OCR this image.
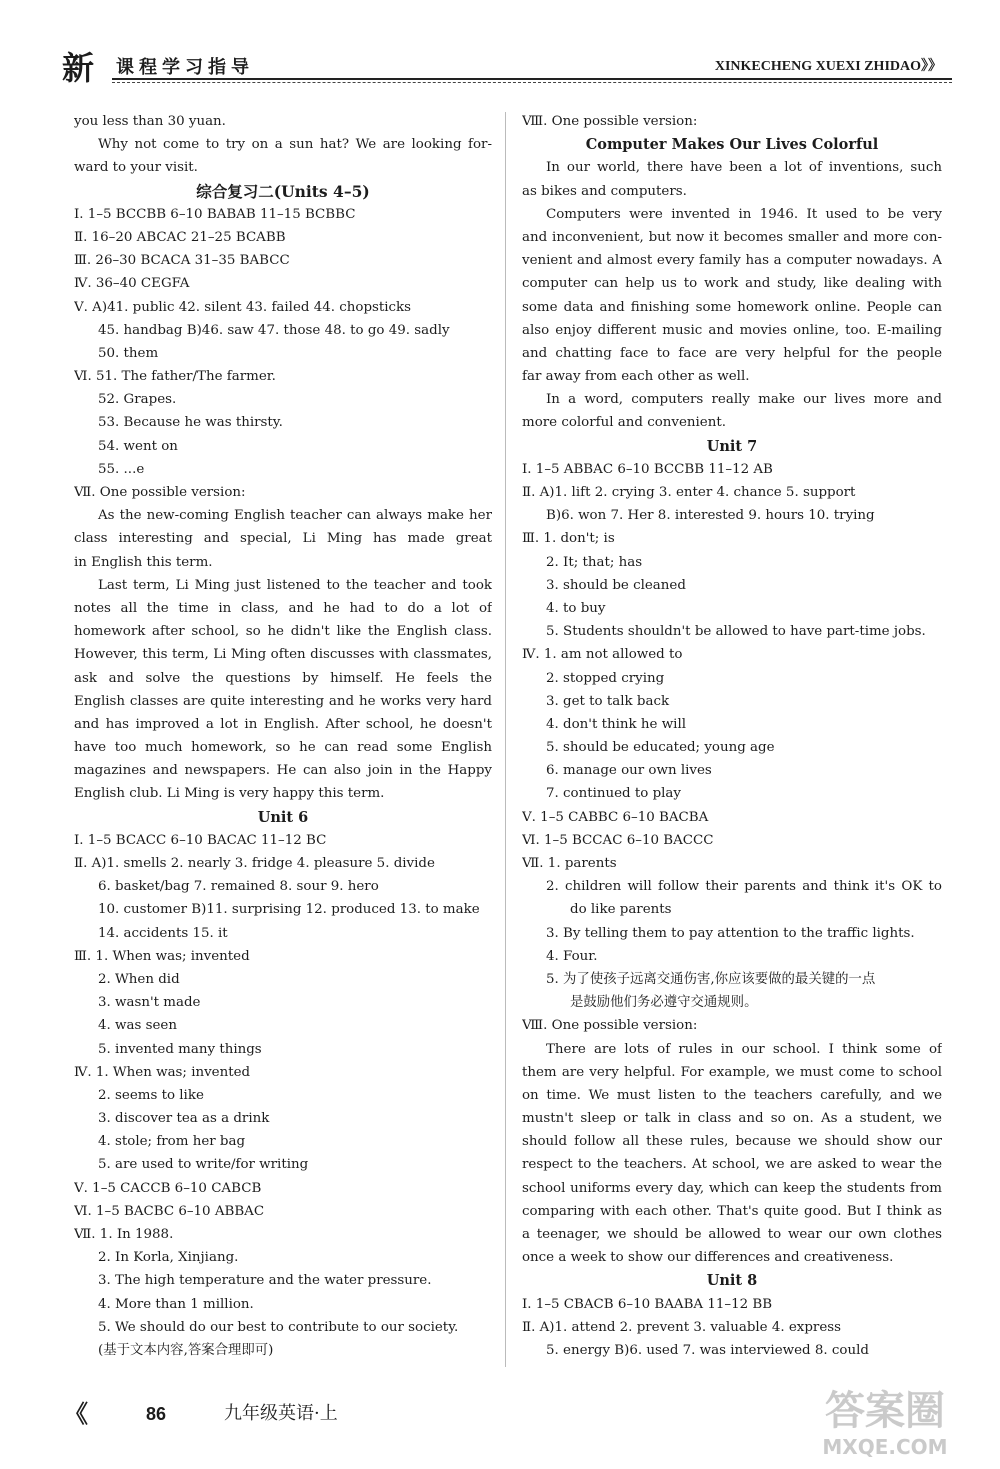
新 课程学习指导	XINKECHENG XUEXI ZHIDAO》》
you less than 30 yuan.
Why not come to try on a sun hat? We are looking for-
ward to your visit.
综合复习二(Units 4–5)
Ⅰ. 1–5 BCCBB 6–10 BABAB 11–15 BCBBC
Ⅱ. 16–20 ABCAC 21–25 BCABB
Ⅲ. 26–30 BCACA 31–35 BABCC
Ⅳ. 36–40 CEGFA
Ⅴ. A)41. public 42. silent 43. failed 44. chopsticks
45. handbag B)46. saw 47. those 48. to go 49. sadly
50. them
Ⅵ. 51. The father/The farmer.
52. Grapes.
53. Because he was thirsty.
54. went on
55. ...e
Ⅶ. One possible version:
As the new-coming English teacher can always make her
class interesting and special, Li Ming has made great
in English this term.
Last term, Li Ming just listened to the teacher and took
notes all the time in class, and he had to do a lot of
homework after school, so he didn't like the English class.
However, this term, Li Ming often discusses with classmates,
ask and solve the questions by himself. He feels the
English classes are quite interesting and he works very hard
and has improved a lot in English. After school, he doesn't
have too much homework, so he can read some English
magazines and newspapers. He can also join in the Happy
English club. Li Ming is very happy this term.
Unit 6
Ⅰ. 1–5 BCACC 6–10 BACAC 11–12 BC
Ⅱ. A)1. smells 2. nearly 3. fridge 4. pleasure 5. divide
6. basket/bag 7. remained 8. sour 9. hero
10. customer B)11. surprising 12. produced 13. to make
14. accidents 15. it
Ⅲ. 1. When was; invented
2. When did
3. wasn't made
4. was seen
5. invented many things
Ⅳ. 1. When was; invented
2. seems to like
3. discover tea as a drink
4. stole; from her bag
5. are used to write/for writing
Ⅴ. 1–5 CACCB 6–10 CABCB
Ⅵ. 1–5 BACBC 6–10 ABBAC
Ⅶ. 1. In 1988.
2. In Korla, Xinjiang.
3. The high temperature and the water pressure.
4. More than 1 million.
5. We should do our best to contribute to our society.
(基于文本内容,答案合理即可)
Ⅷ. One possible version:
Computer Makes Our Lives Colorful
In our world, there have been a lot of inventions, such
as bikes and computers.
Computers were invented in 1946. It used to be very
and inconvenient, but now it becomes smaller and more con-
venient and almost every family has a computer nowadays. A
computer can help us to work and study, like dealing with
some data and finishing some homework online. People can
also enjoy different music and movies online, too. E-mailing
and chatting face to face are very helpful for the people
far away from each other as well.
In a word, computers really make our lives more and
more colorful and convenient.
Unit 7
Ⅰ. 1–5 ABBAC 6–10 BCCBB 11–12 AB
Ⅱ. A)1. lift 2. crying 3. enter 4. chance 5. support
B)6. won 7. Her 8. interested 9. hours 10. trying
Ⅲ. 1. don't; is
2. It; that; has
3. should be cleaned
4. to buy
5. Students shouldn't be allowed to have part-time jobs.
Ⅳ. 1. am not allowed to
2. stopped crying
3. get to talk back
4. don't think he will
5. should be educated; young age
6. manage our own lives
7. continued to play
Ⅴ. 1–5 CABBC 6–10 BACBA
Ⅵ. 1–5 BCCAC 6–10 BACCC
Ⅶ. 1. parents
2. children will follow their parents and think it's OK to
do like parents
3. By telling them to pay attention to the traffic lights.
4. Four.
5. 为了使孩子远离交通伤害,你应该要做的最关键的一点
是鼓励他们务必遵守交通规则。
Ⅷ. One possible version:
There are lots of rules in our school. I think some of
them are very helpful. For example, we must come to school
on time. We must listen to the teachers carefully, and we
mustn't sleep or talk in class and so on. As a student, we
should follow all these rules, because we should show our
respect to the teachers. At school, we are asked to wear the
school uniforms every day, which can keep the students from
comparing with each other. That's quite good. But I think as
a teenager, we should be allowed to wear our own clothes
once a week to show our differences and creativeness.
Unit 8
Ⅰ. 1–5 CBACB 6–10 BAABA 11–12 BB
Ⅱ. A)1. attend 2. prevent 3. valuable 4. express
5. energy B)6. used 7. was interviewed 8. could
《	86	九年级英语·上	答案圈
MXQE.COM
